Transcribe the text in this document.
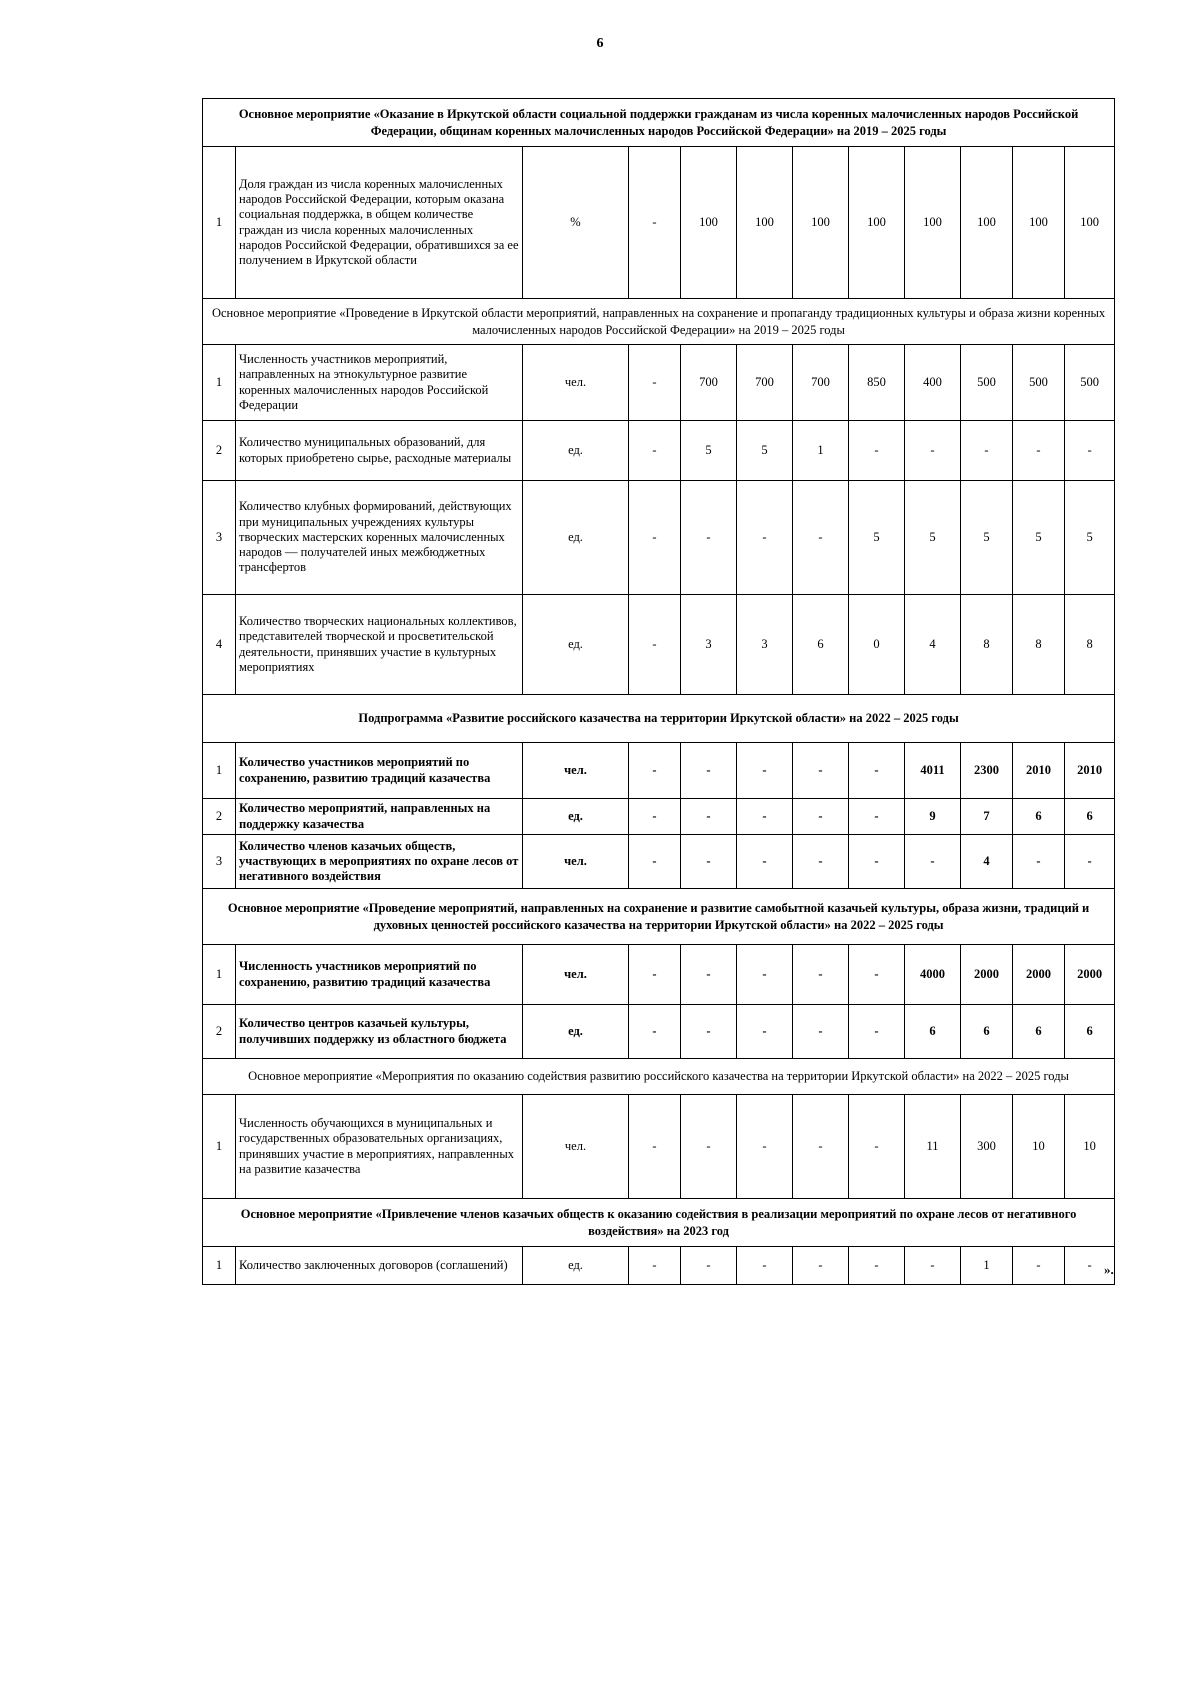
6
Основное мероприятие «Оказание в Иркутской области социальной поддержки гражданам из числа коренных малочисленных народов Российской Федерации, общинам коренных малочисленных народов Российской Федерации» на 2019 – 2025 годы											
1	Доля граждан из числа коренных малочисленных народов Российской Федерации, которым оказана социальная поддержка, в общем количестве граждан из числа коренных малочисленных народов Российской Федерации, обратившихся за ее получением в Иркутской области	%	-	100	100	100	100	100	100	100	100
Основное мероприятие «Проведение в Иркутской области мероприятий, направленных на сохранение и пропаганду традиционных культуры и образа жизни коренных малочисленных народов Российской Федерации» на 2019 – 2025 годы											
1	Численность участников мероприятий, направленных на этнокультурное развитие коренных малочисленных народов Российской Федерации	чел.	-	700	700	700	850	400	500	500	500
2	Количество муниципальных образований, для которых приобретено сырье, расходные материалы	ед.	-	5	5	1	-	-	-	-	-
3	Количество клубных формирований, действующих при муниципальных учреждениях культуры творческих мастерских коренных малочисленных народов — получателей иных межбюджетных трансфертов	ед.	-	-	-	-	5	5	5	5	5
4	Количество творческих национальных коллективов, представителей творческой и просветительской деятельности, принявших участие в культурных мероприятиях	ед.	-	3	3	6	0	4	8	8	8
Подпрограмма «Развитие российского казачества на территории Иркутской области» на 2022 – 2025 годы											
1	Количество участников мероприятий по сохранению, развитию традиций казачества	чел.	-	-	-	-	-	4011	2300	2010	2010
2	Количество мероприятий, направленных на поддержку казачества	ед.	-	-	-	-	-	9	7	6	6
3	Количество членов казачьих обществ, участвующих в мероприятиях по охране лесов от негативного воздействия	чел.	-	-	-	-	-	-	4	-	-
Основное мероприятие «Проведение мероприятий, направленных на сохранение и развитие самобытной казачьей культуры, образа жизни, традиций и духовных ценностей российского казачества на территории Иркутской области» на 2022 – 2025 годы											
1	Численность участников мероприятий по сохранению, развитию традиций казачества	чел.	-	-	-	-	-	4000	2000	2000	2000
2	Количество центров казачьей культуры, получивших поддержку из областного бюджета	ед.	-	-	-	-	-	6	6	6	6
Основное мероприятие «Мероприятия по оказанию содействия развитию российского казачества на территории Иркутской области» на 2022 – 2025 годы											
1	Численность обучающихся в муниципальных и государственных образовательных организациях, принявших участие в мероприятиях, направленных на развитие казачества	чел.	-	-	-	-	-	11	300	10	10
Основное мероприятие «Привлечение членов казачьих обществ к оказанию содействия в реализации мероприятий по охране лесов от негативного воздействия» на 2023 год											
1	Количество заключенных договоров (соглашений)	ед.	-	-	-	-	-	-	1	-	- ».
